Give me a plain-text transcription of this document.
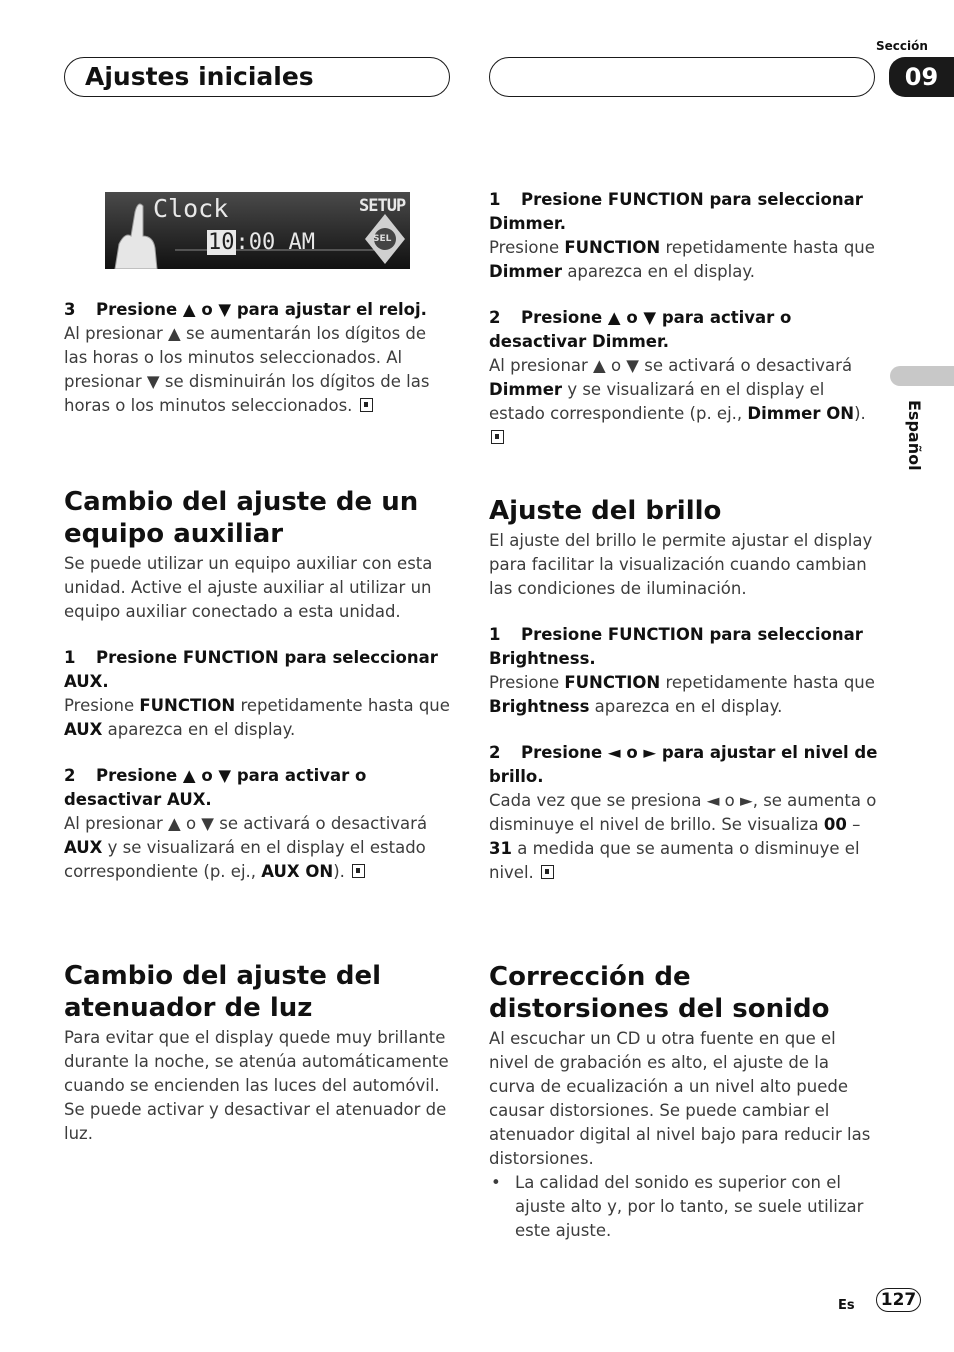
Ajustes iniciales
Sección
09
Español
Clock	SETUP
10:00 AM	SEL
3 Presione ▲ o ▼ para ajustar el reloj.
Al presionar ▲ se aumentarán los dígitos de las horas o los minutos seleccionados. Al presionar ▼ se disminuirán los dígitos de las horas o los minutos seleccionados.
Cambio del ajuste de un equipo auxiliar
Se puede utilizar un equipo auxiliar con esta unidad. Active el ajuste auxiliar al utilizar un equipo auxiliar conectado a esta unidad.
1 Presione FUNCTION para seleccionar AUX.
Presione FUNCTION repetidamente hasta que AUX aparezca en el display.
2 Presione ▲ o ▼ para activar o desactivar AUX.
Al presionar ▲ o ▼ se activará o desactivará AUX y se visualizará en el display el estado correspondiente (p. ej., AUX ON).
Cambio del ajuste del atenuador de luz
Para evitar que el display quede muy brillante durante la noche, se atenúa automáticamente cuando se encienden las luces del automóvil. Se puede activar y desactivar el atenuador de luz.
1 Presione FUNCTION para seleccionar Dimmer.
Presione FUNCTION repetidamente hasta que Dimmer aparezca en el display.
2 Presione ▲ o ▼ para activar o desactivar Dimmer.
Al presionar ▲ o ▼ se activará o desactivará Dimmer y se visualizará en el display el estado correspondiente (p. ej., Dimmer ON).
Ajuste del brillo
El ajuste del brillo le permite ajustar el display para facilitar la visualización cuando cambian las condiciones de iluminación.
1 Presione FUNCTION para seleccionar Brightness.
Presione FUNCTION repetidamente hasta que Brightness aparezca en el display.
2 Presione ◄ o ► para ajustar el nivel de brillo.
Cada vez que se presiona ◄ o ►, se aumenta o disminuye el nivel de brillo. Se visualiza 00 – 31 a medida que se aumenta o disminuye el nivel.
Corrección de distorsiones del sonido
Al escuchar un CD u otra fuente en que el nivel de grabación es alto, el ajuste de la curva de ecualización a un nivel alto puede causar distorsiones. Se puede cambiar el atenuador digital al nivel bajo para reducir las distorsiones.
• La calidad del sonido es superior con el ajuste alto y, por lo tanto, se suele utilizar este ajuste.
Es 127
